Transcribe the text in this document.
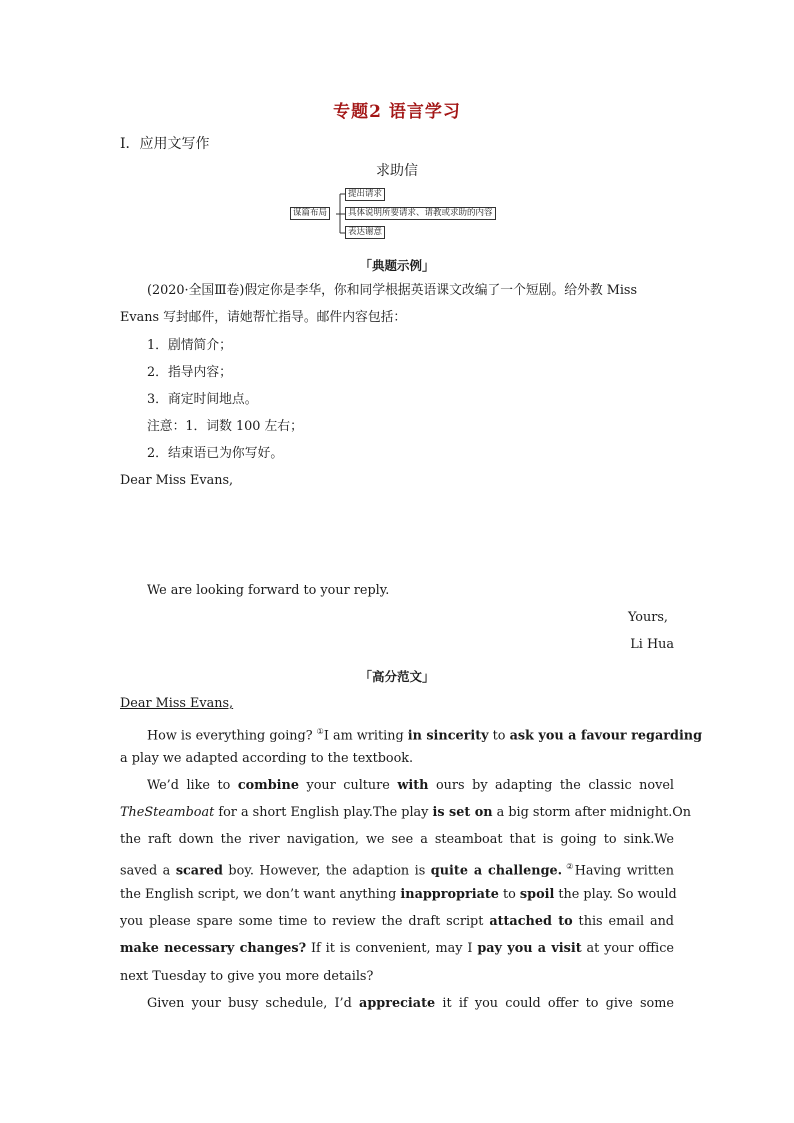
专题2 语言学习
Ⅰ．应用文写作
求助信
谋篇布局
提出请求
具体说明所要请求、请教或求助的内容
表达谢意
「典题示例」
(2020·全国Ⅲ卷)假定你是李华，你和同学根据英语课文改编了一个短剧。给外教 Miss
Evans 写封邮件，请她帮忙指导。邮件内容包括：
1．剧情简介；
2．指导内容；
3．商定时间地点。
注意：1．词数 100 左右；
2．结束语已为你写好。
Dear Miss Evans,
We are looking forward to your reply.
Yours,
Li Hua
「高分范文」
Dear Miss Evans,
How is everything going? ①I am writing in sincerity to ask you a favour regarding
a play we adapted according to the textbook.
We’d like to combine your culture with ours by adapting the classic novel
TheSteamboat for a short English play.The play is set on a big storm after midnight.On
the raft down the river navigation, we see a steamboat that is going to sink.We
saved a scared boy. However, the adaption is quite a challenge. ②Having written
the English script, we don’t want anything inappropriate to spoil the play. So would
you please spare some time to review the draft script attached to this email and
make necessary changes? If it is convenient, may I pay you a visit at your office
next Tuesday to give you more details?
Given your busy schedule, I’d appreciate it if you could offer to give some
